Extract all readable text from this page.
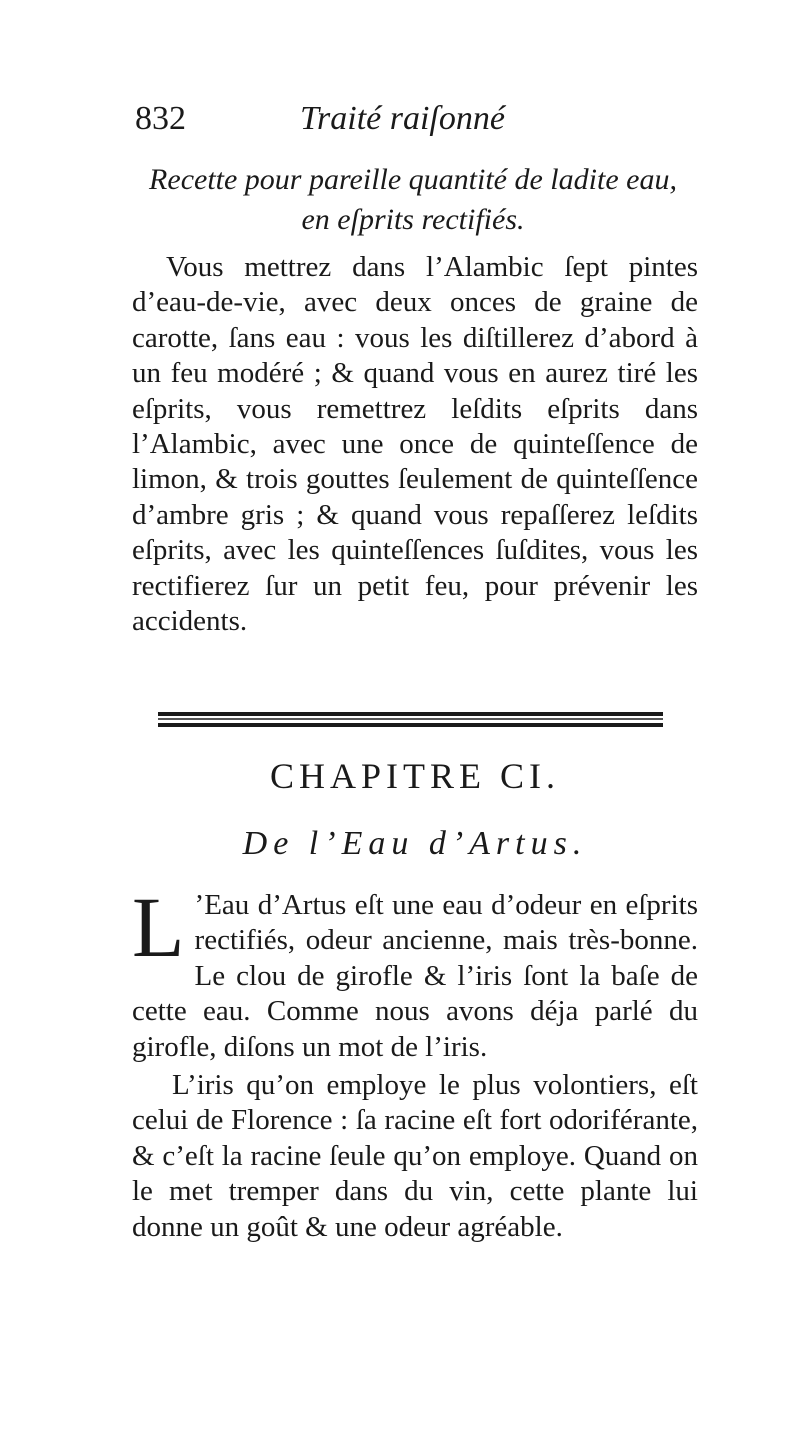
832	Traité raiſonné
Recette pour pareille quantité de ladite eau,
en eſprits rectifiés.

Vous mettrez dans l’Alambic ſept pintes d’eau-de-vie, avec deux onces de graine de carotte, ſans eau : vous les diſtillerez d’abord à un feu modéré ; & quand vous en aurez tiré les eſprits, vous remettrez leſdits eſprits dans l’Alambic, avec une once de quinteſſence de limon, & trois gouttes ſeulement de quinteſſence d’ambre gris ; & quand vous repaſſerez leſdits eſprits, avec les quinteſſences ſuſdites, vous les rectifierez ſur un petit feu, pour prévenir les accidents.

CHAPITRE CI.
De l’Eau d’Artus.

L ’Eau d’Artus eſt une eau d’odeur en eſprits rectifiés, odeur ancienne, mais très-bonne. Le clou de girofle & l’iris ſont la baſe de cette eau. Comme nous avons déja parlé du girofle, diſons un mot de l’iris.

L’iris qu’on employe le plus volontiers, eſt celui de Florence : ſa racine eſt fort odoriférante, & c’eſt la racine ſeule qu’on employe. Quand on le met tremper dans du vin, cette plante lui donne un goût & une odeur agréable.
